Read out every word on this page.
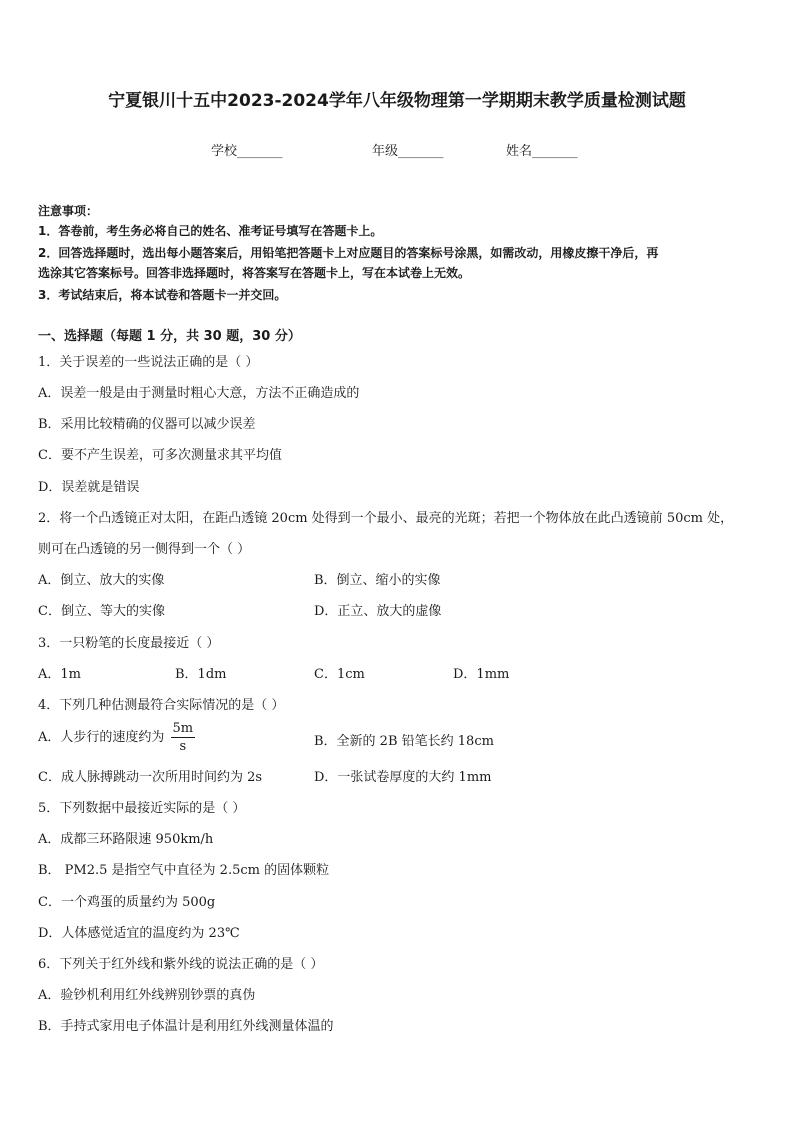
宁夏银川十五中2023-2024学年八年级物理第一学期期末教学质量检测试题
学校_______	年级_______	姓名_______
注意事项：
1．答卷前，考生务必将自己的姓名、准考证号填写在答题卡上。
2．回答选择题时，选出每小题答案后，用铅笔把答题卡上对应题目的答案标号涂黑，如需改动，用橡皮擦干净后，再
选涂其它答案标号。回答非选择题时，将答案写在答题卡上，写在本试卷上无效。
3．考试结束后，将本试卷和答题卡一并交回。
一、选择题（每题 1 分，共 30 题，30 分）
1．关于误差的一些说法正确的是（ ）
A．误差一般是由于测量时粗心大意，方法不正确造成的
B．采用比较精确的仪器可以减少误差
C．要不产生误差，可多次测量求其平均值
D．误差就是错误
2．将一个凸透镜正对太阳，在距凸透镜 20cm 处得到一个最小、最亮的光斑；若把一个物体放在此凸透镜前 50cm 处，
则可在凸透镜的另一侧得到一个（ ）
A．倒立、放大的实像	B．倒立、缩小的实像
C．倒立、等大的实像	D．正立、放大的虚像
3．一只粉笔的长度最接近（ ）
A．1m	B．1dm	C．1cm	D．1mm
4．下列几种估测最符合实际情况的是（ ）
A．人步行的速度约为 $\frac{5m}{s}$	B．全新的 2B 铅笔长约 18cm
C．成人脉搏跳动一次所用时间约为 2s	D．一张试卷厚度的大约 1mm
5．下列数据中最接近实际的是（ ）
A．成都三环路限速 950km/h
B． PM2.5 是指空气中直径为 2.5cm 的固体颗粒
C．一个鸡蛋的质量约为 500g
D．人体感觉适宜的温度约为 23℃
6．下列关于红外线和紫外线的说法正确的是（ ）
A．验钞机利用红外线辨别钞票的真伪
B．手持式家用电子体温计是利用红外线测量体温的
